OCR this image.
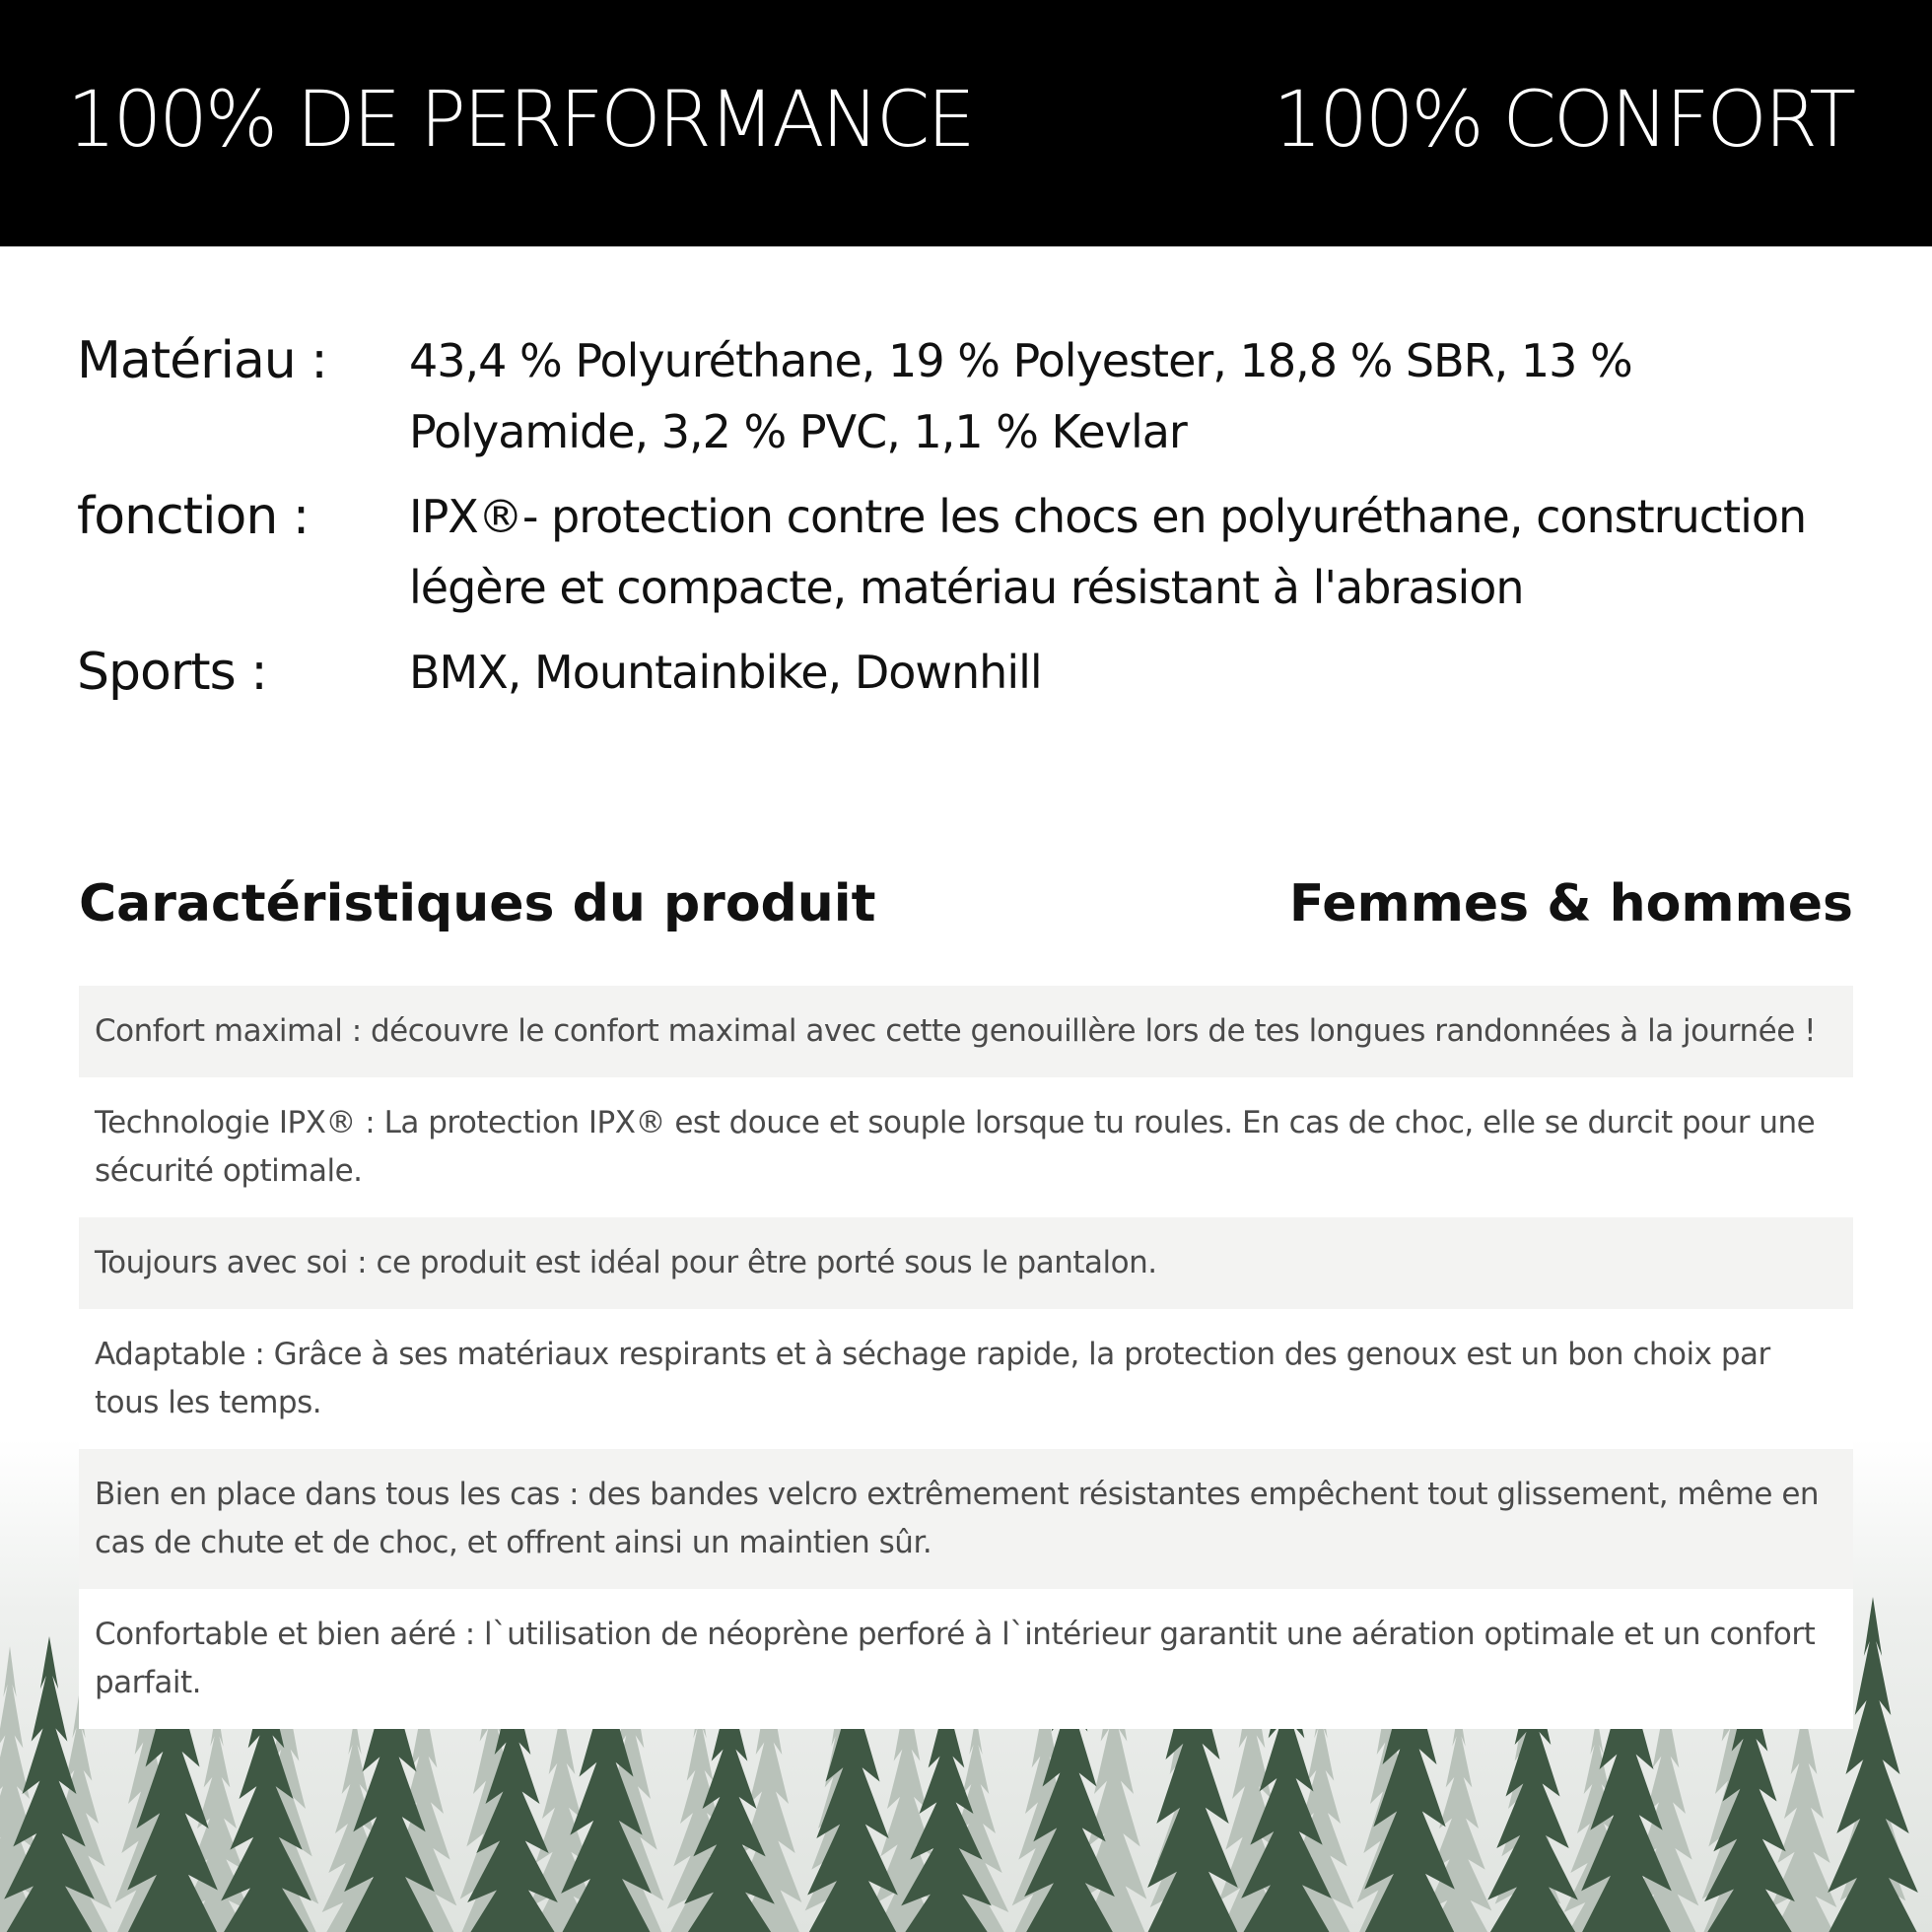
100% DE PERFORMANCE	100% CONFORT
Matériau :	43,4 % Polyuréthane, 19 % Polyester, 18,8 % SBR, 13 % Polyamide, 3,2 % PVC, 1,1 % Kevlar
fonction :	IPX®- protection contre les chocs en polyuréthane, construction légère et compacte, matériau résistant à l'abrasion
Sports :	BMX, Mountainbike, Downhill
Caractéristiques du produit	Femmes & hommes
Confort maximal : découvre le confort maximal avec cette genouillère lors de tes longues randonnées à la journée !
Technologie IPX® : La protection IPX® est douce et souple lorsque tu roules. En cas de choc, elle se durcit pour une sécurité optimale.
Toujours avec soi : ce produit est idéal pour être porté sous le pantalon.
Adaptable : Grâce à ses matériaux respirants et à séchage rapide, la protection des genoux est un bon choix par tous les temps.
Bien en place dans tous les cas : des bandes velcro extrêmement résistantes empêchent tout glissement, même en cas de chute et de choc, et offrent ainsi un maintien sûr.
Confortable et bien aéré : l`utilisation de néoprène perforé à l`intérieur garantit une aération optimale et un confort parfait.
